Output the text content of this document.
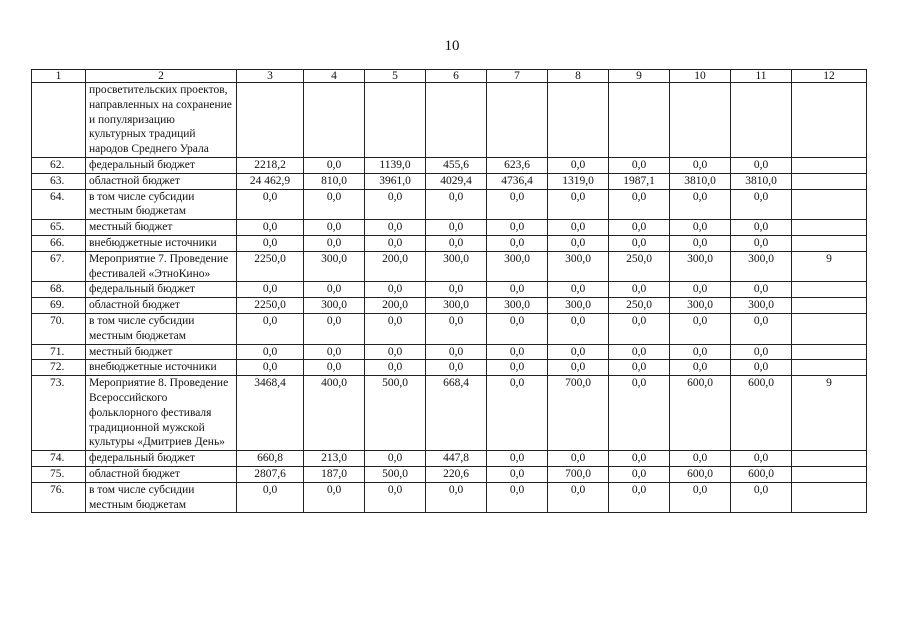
10
1	2	3	4	5	6	7	8	9	10	11	12
	просветительских проектов, направленных на сохранение и популяризацию культурных традиций народов Среднего Урала										
62.	федеральный бюджет	2218,2	0,0	1139,0	455,6	623,6	0,0	0,0	0,0	0,0	
63.	областной бюджет	24 462,9	810,0	3961,0	4029,4	4736,4	1319,0	1987,1	3810,0	3810,0	
64.	в том числе субсидии местным бюджетам	0,0	0,0	0,0	0,0	0,0	0,0	0,0	0,0	0,0	
65.	местный бюджет	0,0	0,0	0,0	0,0	0,0	0,0	0,0	0,0	0,0	
66.	внебюджетные источники	0,0	0,0	0,0	0,0	0,0	0,0	0,0	0,0	0,0	
67.	Мероприятие 7. Проведение фестивалей «ЭтноКино»	2250,0	300,0	200,0	300,0	300,0	300,0	250,0	300,0	300,0	9
68.	федеральный бюджет	0,0	0,0	0,0	0,0	0,0	0,0	0,0	0,0	0,0	
69.	областной бюджет	2250,0	300,0	200,0	300,0	300,0	300,0	250,0	300,0	300,0	
70.	в том числе субсидии местным бюджетам	0,0	0,0	0,0	0,0	0,0	0,0	0,0	0,0	0,0	
71.	местный бюджет	0,0	0,0	0,0	0,0	0,0	0,0	0,0	0,0	0,0	
72.	внебюджетные источники	0,0	0,0	0,0	0,0	0,0	0,0	0,0	0,0	0,0	
73.	Мероприятие 8. Проведение Всероссийского фольклорного фестиваля традиционной мужской культуры «Дмитриев День»	3468,4	400,0	500,0	668,4	0,0	700,0	0,0	600,0	600,0	9
74.	федеральный бюджет	660,8	213,0	0,0	447,8	0,0	0,0	0,0	0,0	0,0	
75.	областной бюджет	2807,6	187,0	500,0	220,6	0,0	700,0	0,0	600,0	600,0	
76.	в том числе субсидии местным бюджетам	0,0	0,0	0,0	0,0	0,0	0,0	0,0	0,0	0,0	
